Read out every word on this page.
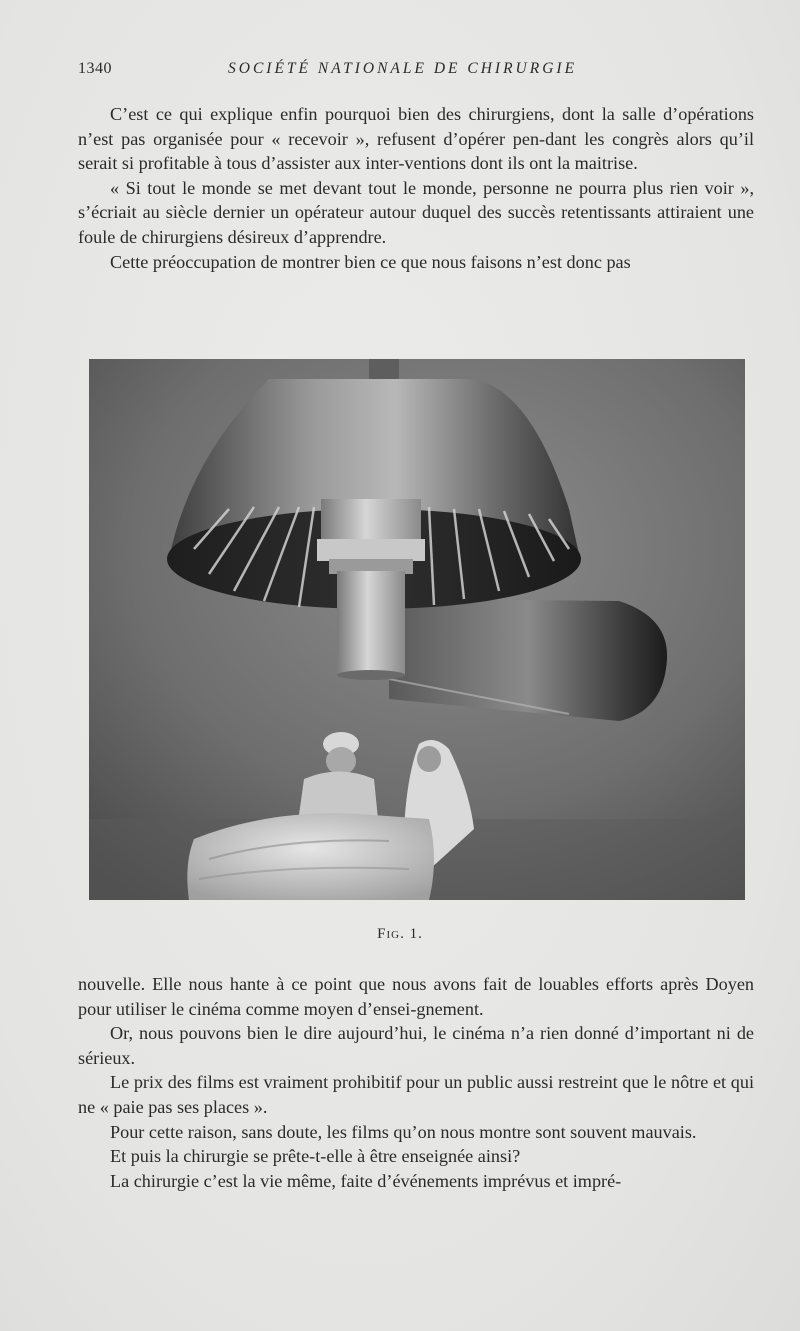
1340	SOCIÉTÉ NATIONALE DE CHIRURGIE

C’est ce qui explique enfin pourquoi bien des chirurgiens, dont la salle d’opérations n’est pas organisée pour « recevoir », refusent d’opérer pen-dant les congrès alors qu’il serait si profitable à tous d’assister aux inter-ventions dont ils ont la maitrise.

« Si tout le monde se met devant tout le monde, personne ne pourra plus rien voir », s’écriait au siècle dernier un opérateur autour duquel des succès retentissants attiraient une foule de chirurgiens désireux d’apprendre.

Cette préoccupation de montrer bien ce que nous faisons n’est donc pas

Fig. 1.

nouvelle. Elle nous hante à ce point que nous avons fait de louables efforts après Doyen pour utiliser le cinéma comme moyen d’ensei-gnement.

Or, nous pouvons bien le dire aujourd’hui, le cinéma n’a rien donné d’important ni de sérieux.

Le prix des films est vraiment prohibitif pour un public aussi restreint que le nôtre et qui ne « paie pas ses places ».

Pour cette raison, sans doute, les films qu’on nous montre sont souvent mauvais.

Et puis la chirurgie se prête-t-elle à être enseignée ainsi?

La chirurgie c’est la vie même, faite d’événements imprévus et impré-
